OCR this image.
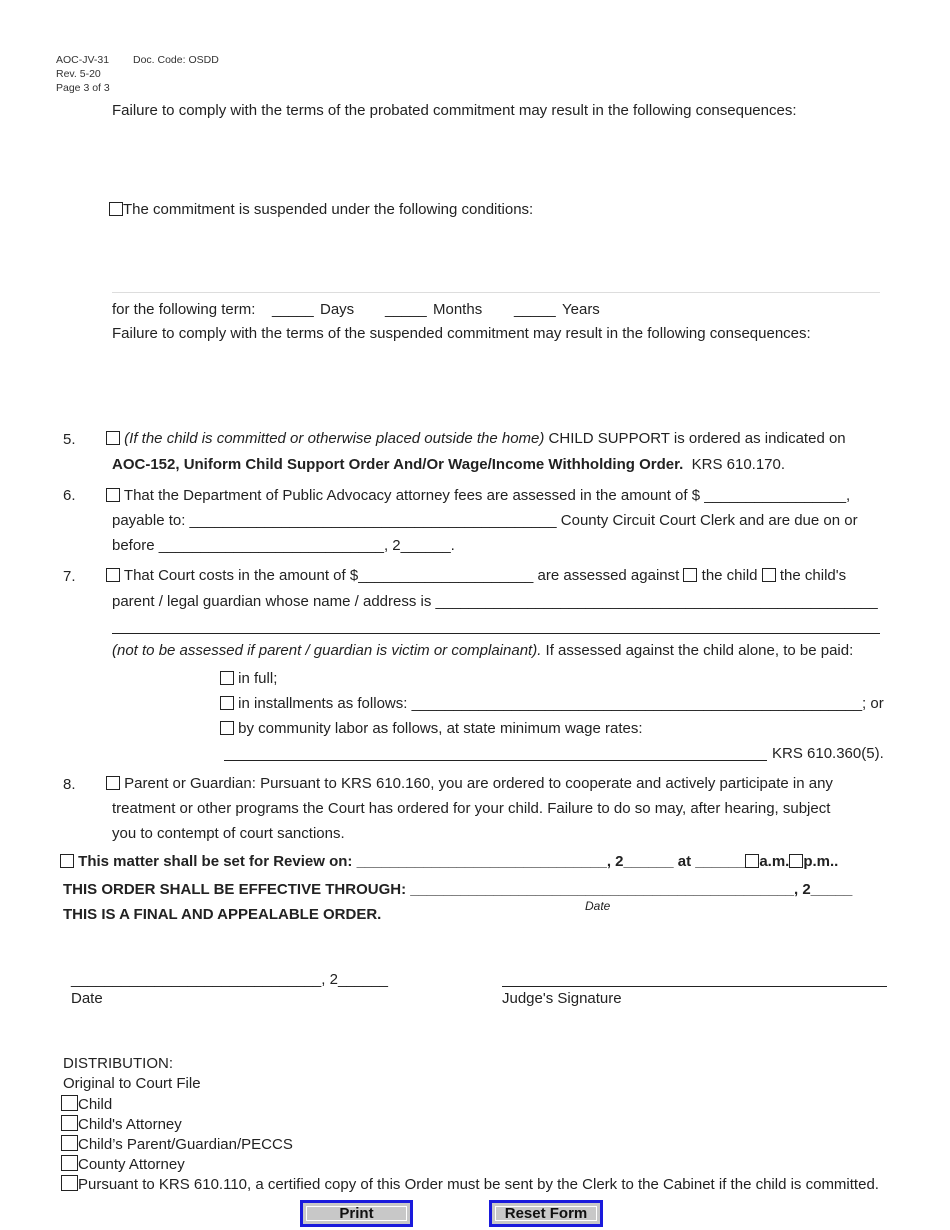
AOC-JV-31 Doc. Code: OSDD
Rev. 5-20
Page 3 of 3
Failure to comply with the terms of the probated commitment may result in the following consequences:
The commitment is suspended under the following conditions:
for the following term: _____ Days _____ Months _____ Years
Failure to comply with the terms of the suspended commitment may result in the following consequences:
5.	(If the child is committed or otherwise placed outside the home) CHILD SUPPORT is ordered as indicated on
AOC-152, Uniform Child Support Order And/Or Wage/Income Withholding Order. KRS 610.170.
6.	That the Department of Public Advocacy attorney fees are assessed in the amount of $ _________________,
payable to: ____________________________________________ County Circuit Court Clerk and are due on or
before ___________________________, 2______.
7.	That Court costs in the amount of $_____________________ are assessed against the child the child's
parent / legal guardian whose name / address is _____________________________________________________
(not to be assessed if parent / guardian is victim or complainant). If assessed against the child alone, to be paid:
in full;
in installments as follows: ______________________________________________________; or
by community labor as follows, at state minimum wage rates:
KRS 610.360(5).
8.	Parent or Guardian: Pursuant to KRS 610.160, you are ordered to cooperate and actively participate in any
treatment or other programs the Court has ordered for your child. Failure to do so may, after hearing, subject
you to contempt of court sanctions.
This matter shall be set for Review on: ______________________________, 2______ at ______ a.m. p.m..
THIS ORDER SHALL BE EFFECTIVE THROUGH: ______________________________________________, 2_____
Date
THIS IS A FINAL AND APPEALABLE ORDER.
______________________________, 2______
Date	Judge's Signature
DISTRIBUTION:
Original to Court File
Child
Child's Attorney
Child’s Parent/Guardian/PECCS
County Attorney
Pursuant to KRS 610.110, a certified copy of this Order must be sent by the Clerk to the Cabinet if the child is committed.
Print	Reset Form
